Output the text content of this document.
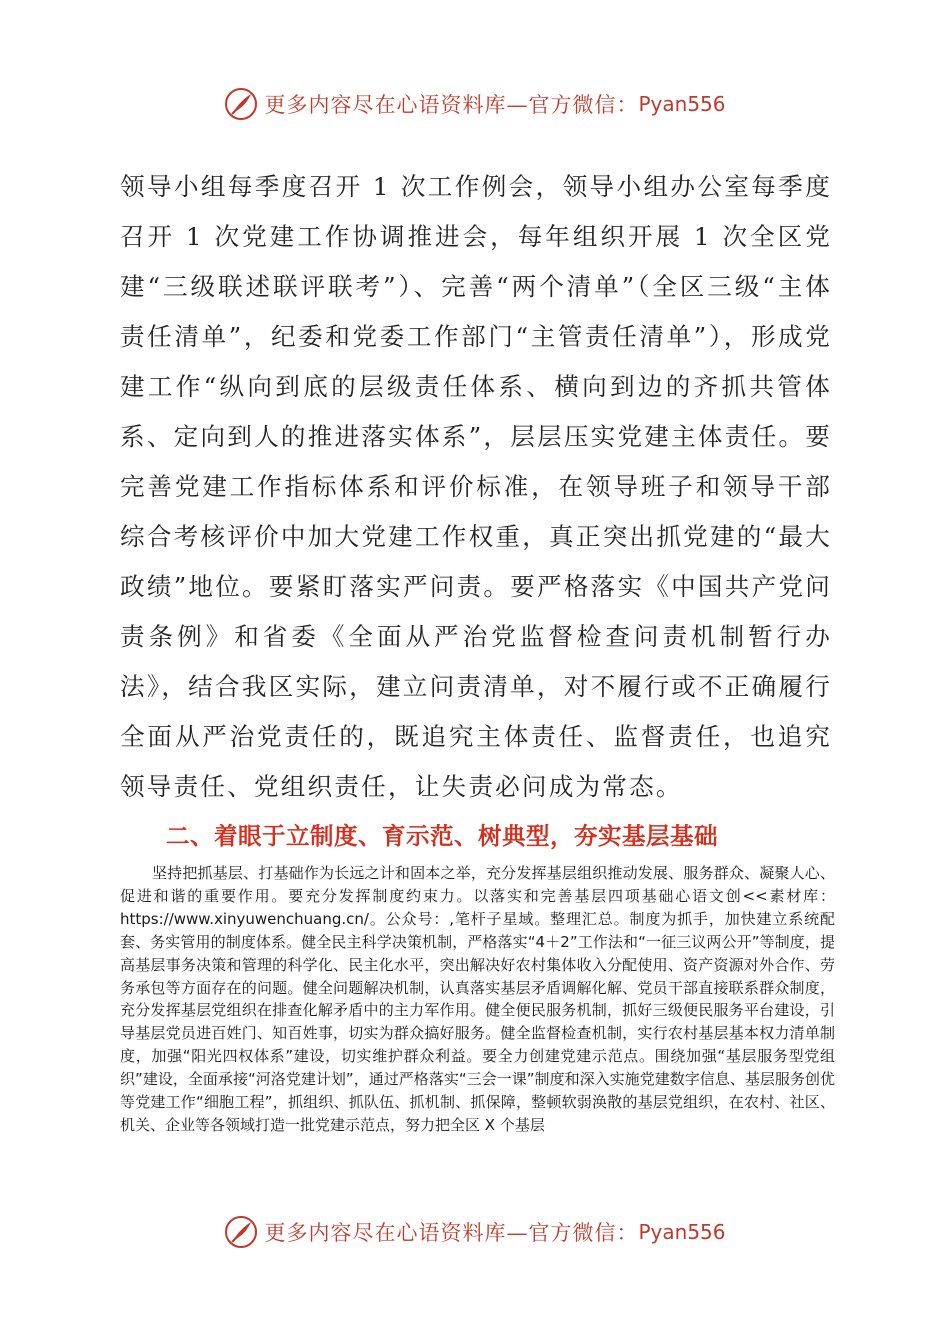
更多内容尽在心语资料库—官方微信： Pyan556

领导小组每季度召开 1 次工作例会，领导小组办公室每季度召开 1 次党建工作协调推进会，每年组织开展 1 次全区党建“三级联述联评联考”）、完善“两个清单”（全区三级“主体责任清单”，纪委和党委工作部门“主管责任清单”），形成党建工作“纵向到底的层级责任体系、横向到边的齐抓共管体系、定向到人的推进落实体系”，层层压实党建主体责任。要完善党建工作指标体系和评价标准，在领导班子和领导干部综合考核评价中加大党建工作权重，真正突出抓党建的“最大政绩”地位。要紧盯落实严问责。要严格落实《中国共产党问责条例》和省委《全面从严治党监督检查问责机制暂行办法》，结合我区实际，建立问责清单，对不履行或不正确履行全面从严治党责任的，既追究主体责任、监督责任，也追究领导责任、党组织责任，让失责必问成为常态。

二、着眼于立制度、育示范、树典型，夯实基层基础

坚持把抓基层、打基础作为长远之计和固本之举，充分发挥基层组织推动发展、服务群众、凝聚人心、促进和谐的重要作用。要充分发挥制度约束力。以落实和完善基层四项基础心语文创<<素材库：https://www.xinyuwenchuang.cn/。公众号：,笔杆子星域。整理汇总。制度为抓手，加快建立系统配套、务实管用的制度体系。健全民主科学决策机制，严格落实“4＋2”工作法和“一征三议两公开”等制度，提高基层事务决策和管理的科学化、民主化水平，突出解决好农村集体收入分配使用、资产资源对外合作、劳务承包等方面存在的问题。健全问题解决机制，认真落实基层矛盾调解化解、党员干部直接联系群众制度，充分发挥基层党组织在排查化解矛盾中的主力军作用。健全便民服务机制，抓好三级便民服务平台建设，引导基层党员进百姓门、知百姓事，切实为群众搞好服务。健全监督检查机制，实行农村基层基本权力清单制度，加强“阳光四权体系”建设，切实维护群众利益。要全力创建党建示范点。围绕加强“基层服务型党组织”建设，全面承接“河洛党建计划”，通过严格落实“三会一课”制度和深入实施党建数字信息、基层服务创优等党建工作“细胞工程”，抓组织、抓队伍、抓机制、抓保障，整顿软弱涣散的基层党组织，在农村、社区、机关、企业等各领域打造一批党建示范点，努力把全区 X 个基层

更多内容尽在心语资料库—官方微信： Pyan556
